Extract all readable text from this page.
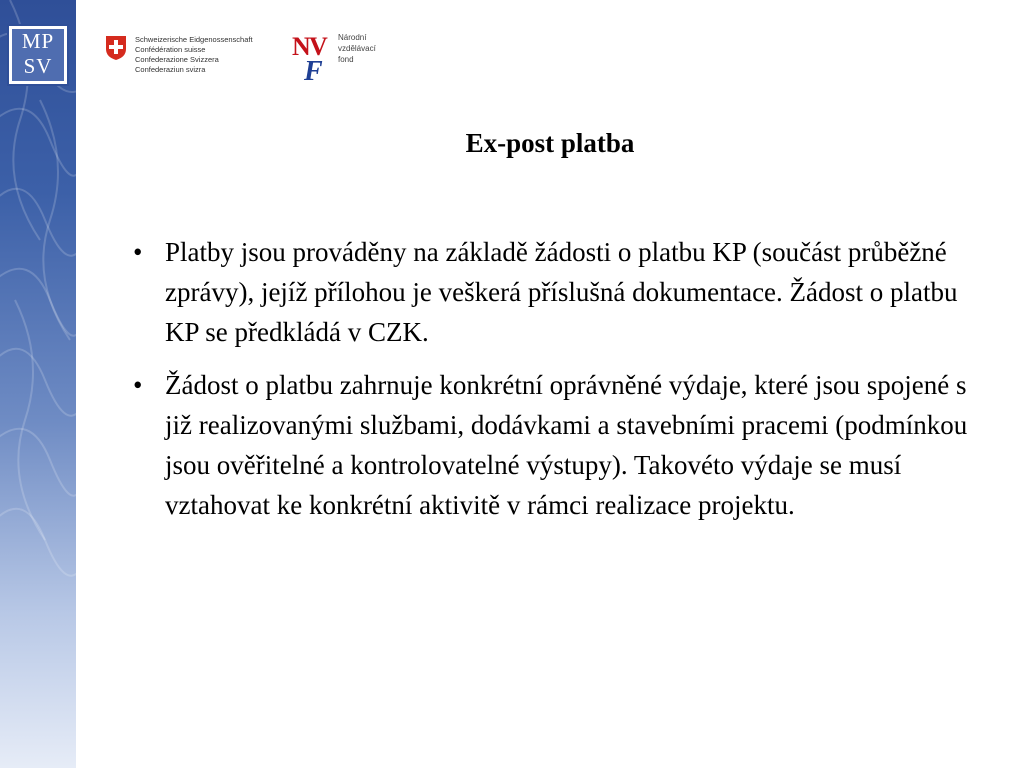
MP
SV
Schweizerische Eidgenossenschaft
Confédération suisse
Confederazione Svizzera
Confederaziun svizra
N
V
F
Národní
vzdělávací
fond
Ex-post platba
• Platby jsou prováděny na základě žádosti o platbu KP (součást průběžné zprávy), jejíž přílohou je veškerá příslušná dokumentace. Žádost o platbu KP se předkládá v CZK.
• Žádost o platbu zahrnuje konkrétní oprávněné výdaje, které jsou spojené s již realizovanými službami, dodávkami a stavebními pracemi (podmínkou jsou ověřitelné a kontrolovatelné výstupy). Takovéto výdaje se musí vztahovat ke konkrétní aktivitě v rámci realizace projektu.
